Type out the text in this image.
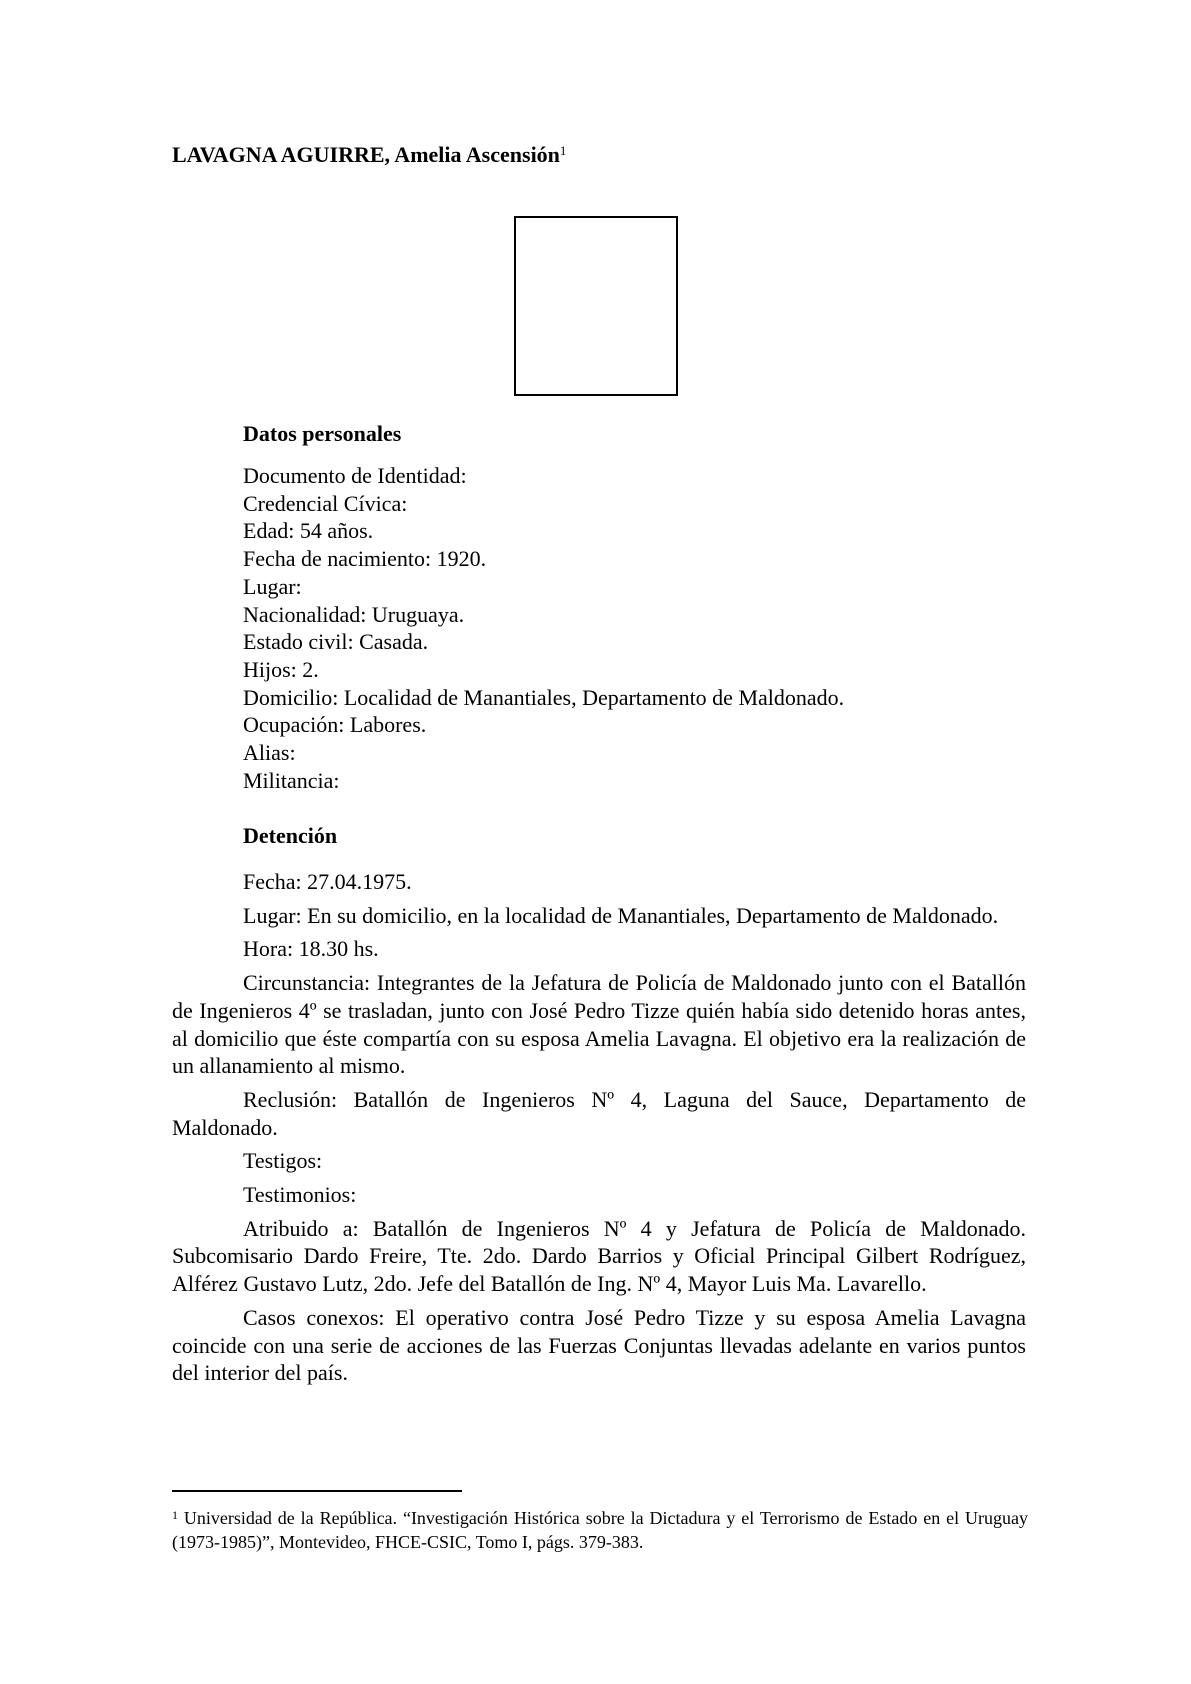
LAVAGNA AGUIRRE, Amelia Ascensión$^1$
Datos personales
Documento de Identidad:
Credencial Cívica:
Edad: 54 años.
Fecha de nacimiento: 1920.
Lugar:
Nacionalidad: Uruguaya.
Estado civil: Casada.
Hijos: 2.
Domicilio: Localidad de Manantiales, Departamento de Maldonado.
Ocupación: Labores.
Alias:
Militancia:
Detención

Fecha: 27.04.1975.

Lugar: En su domicilio, en la localidad de Manantiales, Departamento de Maldonado.

Hora: 18.30 hs.

Circunstancia: Integrantes de la Jefatura de Policía de Maldonado junto con el Batallón de Ingenieros 4º se trasladan, junto con José Pedro Tizze quién había sido detenido horas antes, al domicilio que éste compartía con su esposa Amelia Lavagna. El objetivo era la realización de un allanamiento al mismo.

Reclusión: Batallón de Ingenieros Nº 4, Laguna del Sauce, Departamento de Maldonado.

Testigos:

Testimonios:

Atribuido a: Batallón de Ingenieros Nº 4 y Jefatura de Policía de Maldonado. Subcomisario Dardo Freire, Tte. 2do. Dardo Barrios y Oficial Principal Gilbert Rodríguez, Alférez Gustavo Lutz, 2do. Jefe del Batallón de Ing. Nº 4, Mayor Luis Ma. Lavarello.

Casos conexos: El operativo contra José Pedro Tizze y su esposa Amelia Lavagna coincide con una serie de acciones de las Fuerzas Conjuntas llevadas adelante en varios puntos del interior del país.

$^1$ Universidad de la República. “Investigación Histórica sobre la Dictadura y el Terrorismo de Estado en el Uruguay (1973-1985)”, Montevideo, FHCE-CSIC, Tomo I, págs. 379-383.
